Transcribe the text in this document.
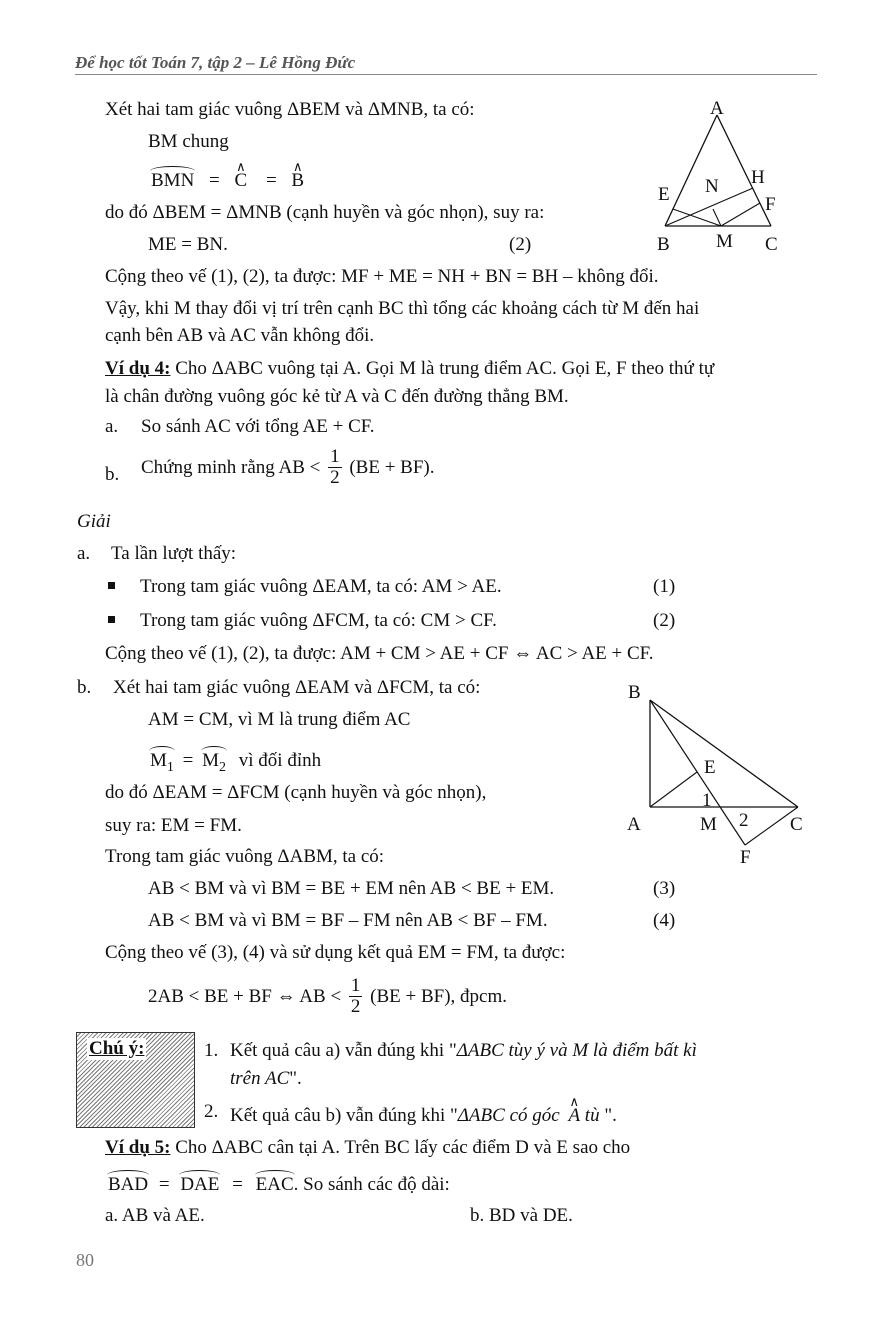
Để học tốt Toán 7, tập 2 – Lê Hồng Đức
Xét hai tam giác vuông ΔBEM và ΔMNB, ta có:
BM chung
BMN = ∧ C = ∧ B
do đó ΔBEM = ΔMNB (cạnh huyền và góc nhọn), suy ra:
ME = BN.	(2)
Cộng theo vế (1), (2), ta được: MF + ME = NH + BN = BH – không đổi.
Vậy, khi M thay đổi vị trí trên cạnh BC thì tổng các khoảng cách từ M đến hai
cạnh bên AB và AC vẫn không đổi.
A
B	C
E N H
F
M
Ví dụ 4: Cho ΔABC vuông tại A. Gọi M là trung điểm AC. Gọi E, F theo thứ tự
là chân đường vuông góc kẻ từ A và C đến đường thẳng BM.
a. So sánh AC với tổng AE + CF.
b. Chứng minh rằng AB < $\frac{1}{2} (BE + BF)$.
Giải
a. Ta lần lượt thấy:
Trong tam giác vuông ΔEAM, ta có: AM > AE.	(1)
Trong tam giác vuông ΔFCM, ta có: CM > CF.	(2)
Cộng theo vế (1), (2), ta được: AM + CM > AE + CF ⇔ AC > AE + CF.
b. Xét hai tam giác vuông ΔEAM và ΔFCM, ta có:
AM = CM, vì M là trung điểm AC
$M_1 = M_2$ vì đối đỉnh
do đó ΔEAM = ΔFCM (cạnh huyền và góc nhọn),
suy ra: EM = FM.
Trong tam giác vuông ΔABM, ta có:
AB < BM và vì BM = BE + EM nên AB < BE + EM.	(3)
AB < BM và vì BM = BF – FM nên AB < BF – FM.	(4)
Cộng theo vế (3), (4) và sử dụng kết quả EM = FM, ta được:
2AB < BE + BF ⇔ AB < $\frac{1}{2} (BE + BF)$, đpcm.
B
E
1
A	M 2 C
F
Chú ý:	1. Kết quả câu a) vẫn đúng khi "ΔABC tùy ý và M là điểm bất kì
trên AC".
2. Kết quả câu b) vẫn đúng khi "ΔABC có góc ∧ A tù ".
Ví dụ 5: Cho ΔABC cân tại A. Trên BC lấy các điểm D và E sao cho
BAD = DAE = EAC. So sánh các độ dài:
a. AB và AE.	b. BD và DE.
80
